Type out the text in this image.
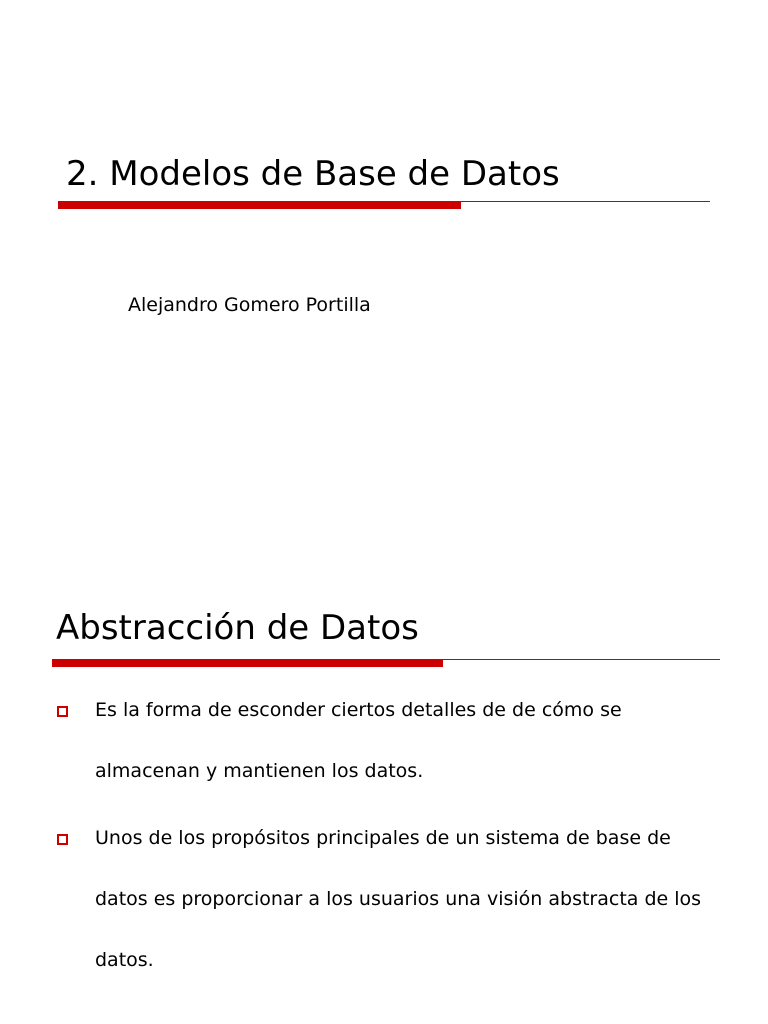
2. Modelos de Base de Datos
Alejandro Gomero Portilla
Abstracción de Datos
Es la forma de esconder ciertos detalles de de cómo se almacenan y mantienen los datos.
Unos de los propósitos principales de un sistema de base de datos es proporcionar a los usuarios una visión abstracta de los datos.
